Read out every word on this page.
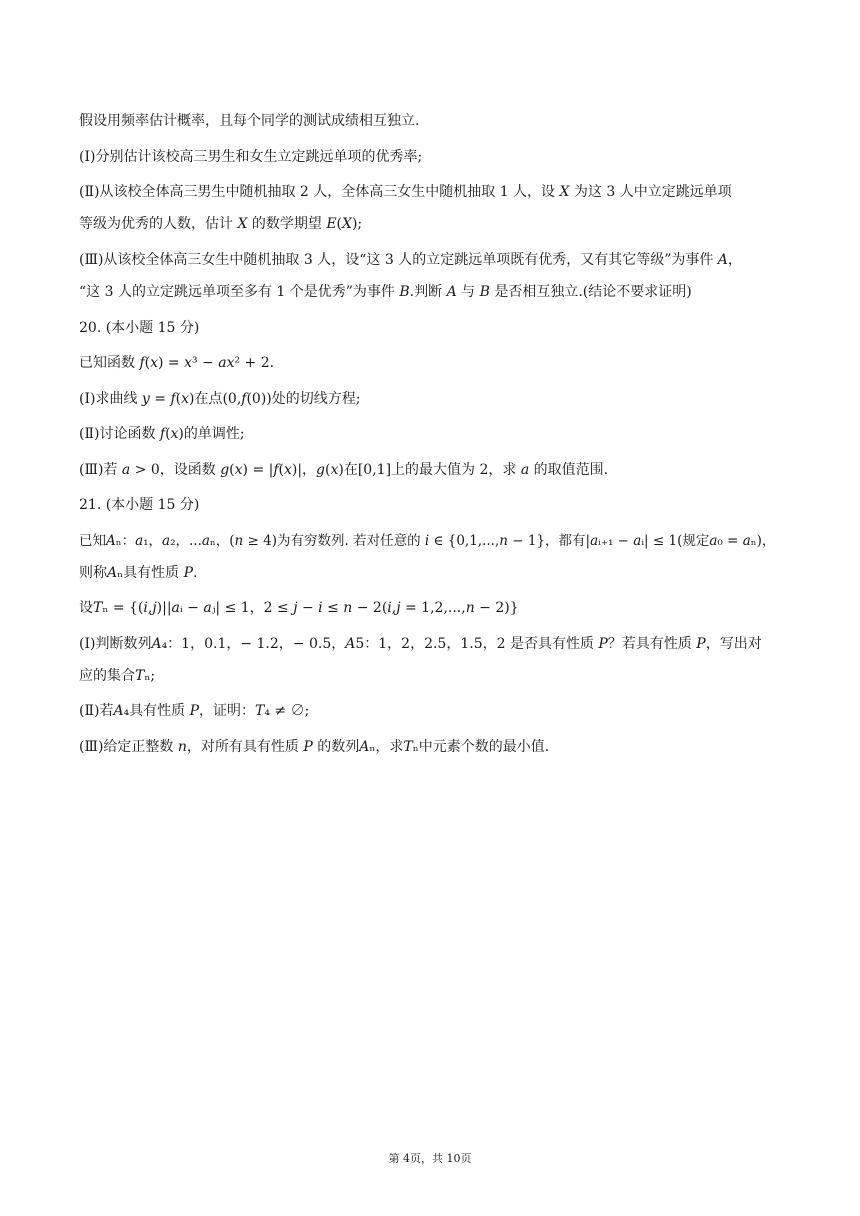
假设用频率估计概率，且每个同学的测试成绩相互独立.
(Ⅰ)分别估计该校高三男生和女生立定跳远单项的优秀率;
(Ⅱ)从该校全体高三男生中随机抽取 2 人，全体高三女生中随机抽取 1 人，设 𝑋 为这 3 人中立定跳远单项
等级为优秀的人数，估计 𝑋 的数学期望 𝐸(𝑋);
(Ⅲ)从该校全体高三女生中随机抽取 3 人，设“这 3 人的立定跳远单项既有优秀，又有其它等级”为事件 𝐴，
“这 3 人的立定跳远单项至多有 1 个是优秀”为事件 𝐵.判断 𝐴 与 𝐵 是否相互独立.(结论不要求证明)
20. (本小题 15 分)
已知函数 𝑓(𝑥) = 𝑥³ − 𝑎𝑥² + 2.
(Ⅰ)求曲线 𝑦 = 𝑓(𝑥)在点(0,𝑓(0))处的切线方程;
(Ⅱ)讨论函数 𝑓(𝑥)的单调性;
(Ⅲ)若 𝑎 > 0，设函数 𝑔(𝑥) = |𝑓(𝑥)|，𝑔(𝑥)在[0,1]上的最大值为 2，求 𝑎 的取值范围.
21. (本小题 15 分)
已知𝐴ₙ：𝑎₁，𝑎₂，...𝑎ₙ，(𝑛 ≥ 4)为有穷数列. 若对任意的 𝑖 ∈ {0,1,...,𝑛 − 1}，都有|𝑎ᵢ₊₁ − 𝑎ᵢ| ≤ 1(规定𝑎₀ = 𝑎ₙ)，
则称𝐴ₙ具有性质 𝑃.
设𝑇ₙ = {(𝑖,𝑗)||𝑎ᵢ − 𝑎ⱼ| ≤ 1，2 ≤ 𝑗 − 𝑖 ≤ 𝑛 − 2(𝑖,𝑗 = 1,2,...,𝑛 − 2)}
(Ⅰ)判断数列𝐴₄：1，0.1，− 1.2，− 0.5，𝐴5：1，2，2.5，1.5，2 是否具有性质 𝑃？若具有性质 𝑃，写出对
应的集合𝑇ₙ;
(Ⅱ)若𝐴₄具有性质 𝑃，证明：𝑇₄ ≠ ∅;
(Ⅲ)给定正整数 𝑛，对所有具有性质 𝑃 的数列𝐴ₙ，求𝑇ₙ中元素个数的最小值.
第 4页，共 10页
